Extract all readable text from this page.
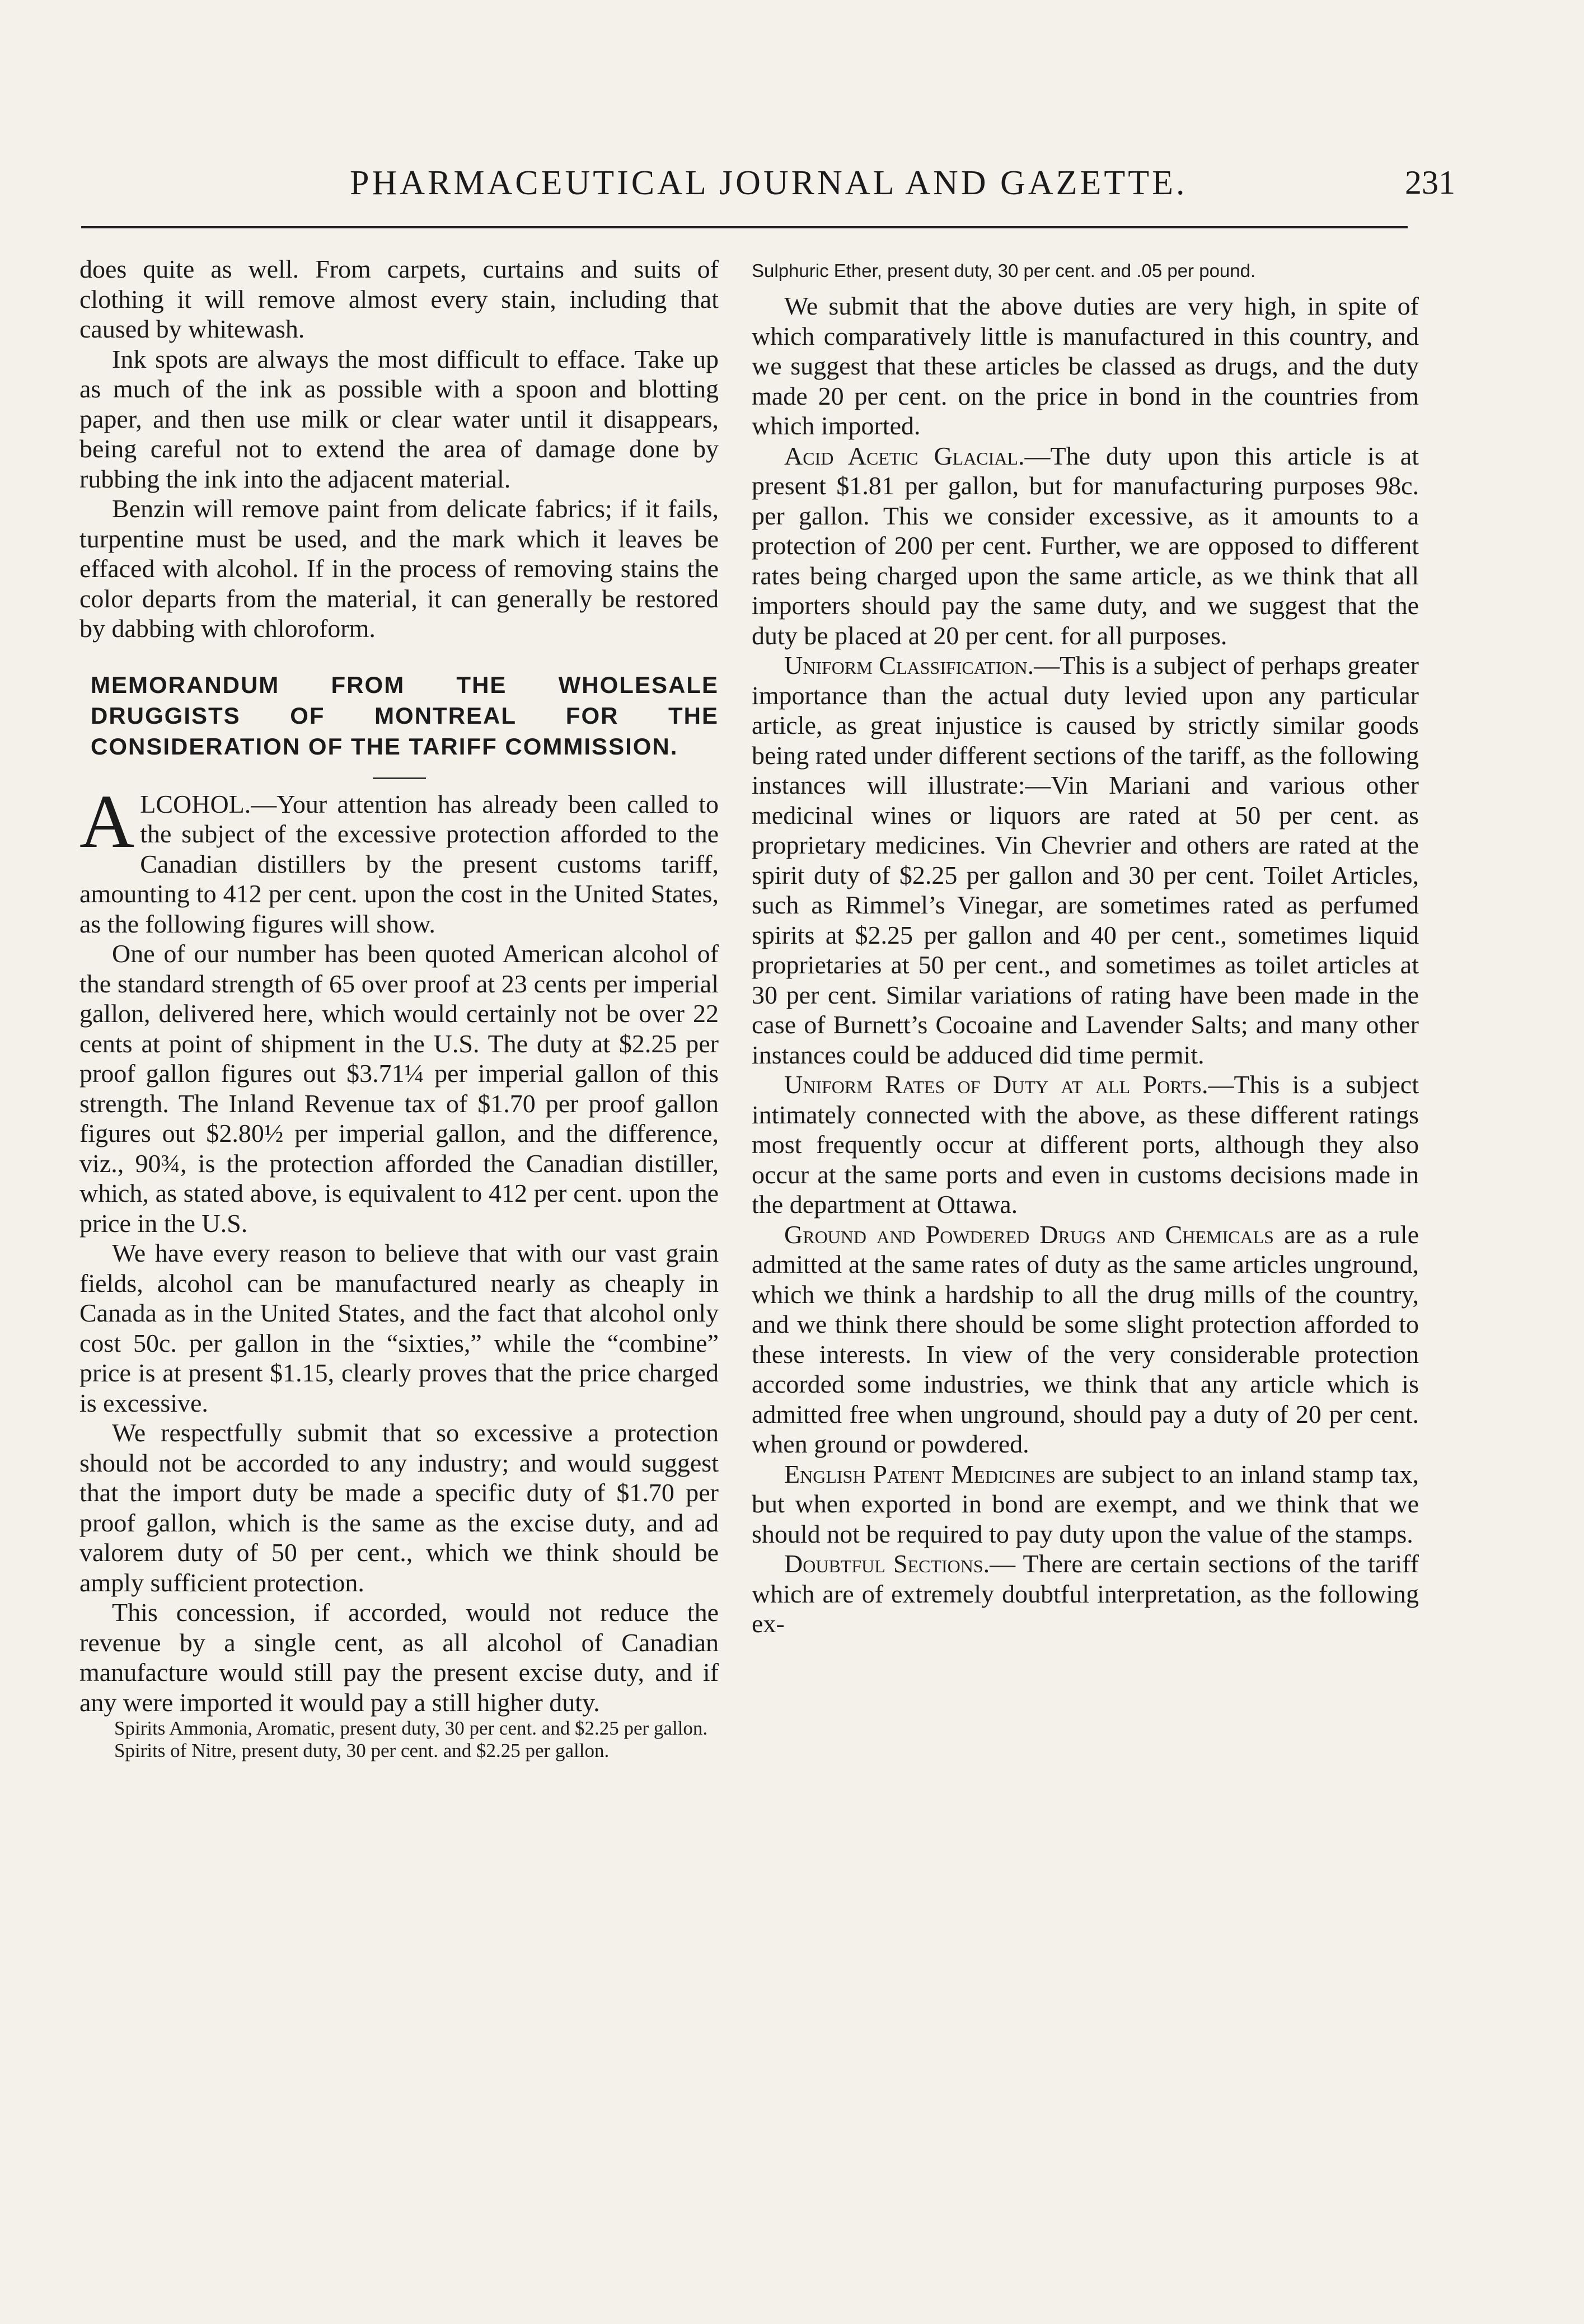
PHARMACEUTICAL JOURNAL AND GAZETTE.	231

does quite as well. From carpets, curtains and suits of clothing it will remove almost every stain, including that caused by whitewash.

Ink spots are always the most difficult to efface. Take up as much of the ink as possible with a spoon and blotting paper, and then use milk or clear water until it disappears, being careful not to extend the area of damage done by rubbing the ink into the adjacent material.

Benzin will remove paint from delicate fabrics; if it fails, turpentine must be used, and the mark which it leaves be effaced with alcohol. If in the process of removing stains the color departs from the material, it can generally be restored by dabbing with chloroform.

MEMORANDUM FROM THE WHOLESALE DRUGGISTS OF MONTREAL FOR THE CONSIDERATION OF THE TARIFF COMMISSION.

ALCOHOL.—Your attention has already been called to the subject of the excessive protection afforded to the Canadian distillers by the present customs tariff, amounting to 412 per cent. upon the cost in the United States, as the following figures will show.

One of our number has been quoted American alcohol of the standard strength of 65 over proof at 23 cents per imperial gallon, delivered here, which would certainly not be over 22 cents at point of shipment in the U.S. The duty at $2.25 per proof gallon figures out $3.71¼ per imperial gallon of this strength. The Inland Revenue tax of $1.70 per proof gallon figures out $2.80½ per imperial gallon, and the difference, viz., 90¾, is the protection afforded the Canadian distiller, which, as stated above, is equivalent to 412 per cent. upon the price in the U.S.

We have every reason to believe that with our vast grain fields, alcohol can be manufactured nearly as cheaply in Canada as in the United States, and the fact that alcohol only cost 50c. per gallon in the “sixties,” while the “combine” price is at present $1.15, clearly proves that the price charged is excessive.

We respectfully submit that so excessive a protection should not be accorded to any industry; and would suggest that the import duty be made a specific duty of $1.70 per proof gallon, which is the same as the excise duty, and ad valorem duty of 50 per cent., which we think should be amply sufficient protection.

This concession, if accorded, would not reduce the revenue by a single cent, as all alcohol of Canadian manufacture would still pay the present excise duty, and if any were imported it would pay a still higher duty.

Spirits Ammonia, Aromatic, present duty, 30 per cent. and $2.25 per gallon.

Spirits of Nitre, present duty, 30 per cent. and $2.25 per gallon.

Sulphuric Ether, present duty, 30 per cent. and .05 per pound.

We submit that the above duties are very high, in spite of which comparatively little is manufactured in this country, and we suggest that these articles be classed as drugs, and the duty made 20 per cent. on the price in bond in the countries from which imported.

Acid Acetic Glacial.—The duty upon this article is at present $1.81 per gallon, but for manufacturing purposes 98c. per gallon. This we consider excessive, as it amounts to a protection of 200 per cent. Further, we are opposed to different rates being charged upon the same article, as we think that all importers should pay the same duty, and we suggest that the duty be placed at 20 per cent. for all purposes.

Uniform Classification.—This is a subject of perhaps greater importance than the actual duty levied upon any particular article, as great injustice is caused by strictly similar goods being rated under different sections of the tariff, as the following instances will illustrate:—Vin Mariani and various other medicinal wines or liquors are rated at 50 per cent. as proprietary medicines. Vin Chevrier and others are rated at the spirit duty of $2.25 per gallon and 30 per cent. Toilet Articles, such as Rimmel’s Vinegar, are sometimes rated as perfumed spirits at $2.25 per gallon and 40 per cent., sometimes liquid proprietaries at 50 per cent., and sometimes as toilet articles at 30 per cent. Similar variations of rating have been made in the case of Burnett’s Cocoaine and Lavender Salts; and many other instances could be adduced did time permit.

Uniform Rates of Duty at all Ports.—This is a subject intimately connected with the above, as these different ratings most frequently occur at different ports, although they also occur at the same ports and even in customs decisions made in the department at Ottawa.

Ground and Powdered Drugs and Chemicals are as a rule admitted at the same rates of duty as the same articles unground, which we think a hardship to all the drug mills of the country, and we think there should be some slight protection afforded to these interests. In view of the very considerable protection accorded some industries, we think that any article which is admitted free when unground, should pay a duty of 20 per cent. when ground or powdered.

English Patent Medicines are subject to an inland stamp tax, but when exported in bond are exempt, and we think that we should not be required to pay duty upon the value of the stamps.

Doubtful Sections.— There are certain sections of the tariff which are of extremely doubtful interpretation, as the following ex-
